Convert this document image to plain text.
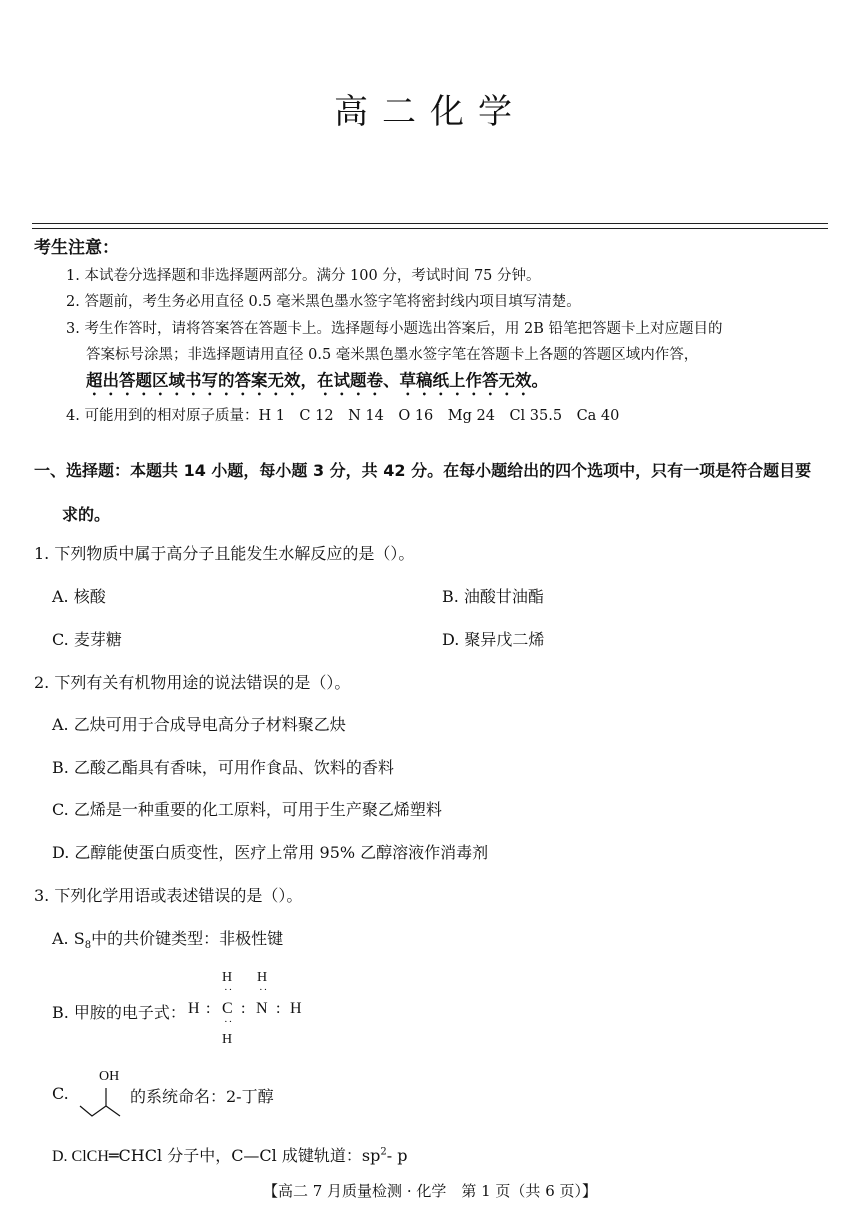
高二化学
考生注意：
1. 本试卷分选择题和非选择题两部分。满分 100 分，考试时间 75 分钟。
2. 答题前，考生务必用直径 0.5 毫米黑色墨水签字笔将密封线内项目填写清楚。
3. 考生作答时，请将答案答在答题卡上。选择题每小题选出答案后，用 2B 铅笔把答题卡上对应题目的
答案标号涂黑；非选择题请用直径 0.5 毫米黑色墨水签字笔在答题卡上各题的答题区域内作答，
超出答题区域书写的答案无效，在试题卷、草稿纸上作答无效。
4. 可能用到的相对原子质量：H 1　C 12　N 14　O 16　Mg 24　Cl 35.5　Ca 40
一、选择题：本题共 14 小题，每小题 3 分，共 42 分。在每小题给出的四个选项中，只有一项是符合题目要
求的。
1. 下列物质中属于高分子且能发生水解反应的是（）。
A. 核酸	B. 油酸甘油酯
C. 麦芽糖	D. 聚异戊二烯
2. 下列有关有机物用途的说法错误的是（）。
A. 乙炔可用于合成导电高分子材料聚乙炔
B. 乙酸乙酯具有香味，可用作食品、饮料的香料
C. 乙烯是一种重要的化工原料，可用于生产聚乙烯塑料
D. 乙醇能使蛋白质变性，医疗上常用 95% 乙醇溶液作消毒剂
3. 下列化学用语或表述错误的是（）。
A. $S_8$中的共价键类型：非极性键
B. 甲胺的电子式：
H H
·· ··
H : C : N : H
··
H
C.
OH
的系统命名：2-丁醇
D. ClCH═CHCl 分子中，C—Cl 成键轨道：$sp^2-$ p
【高二 7 月质量检测 · 化学　第 1 页（共 6 页）】
